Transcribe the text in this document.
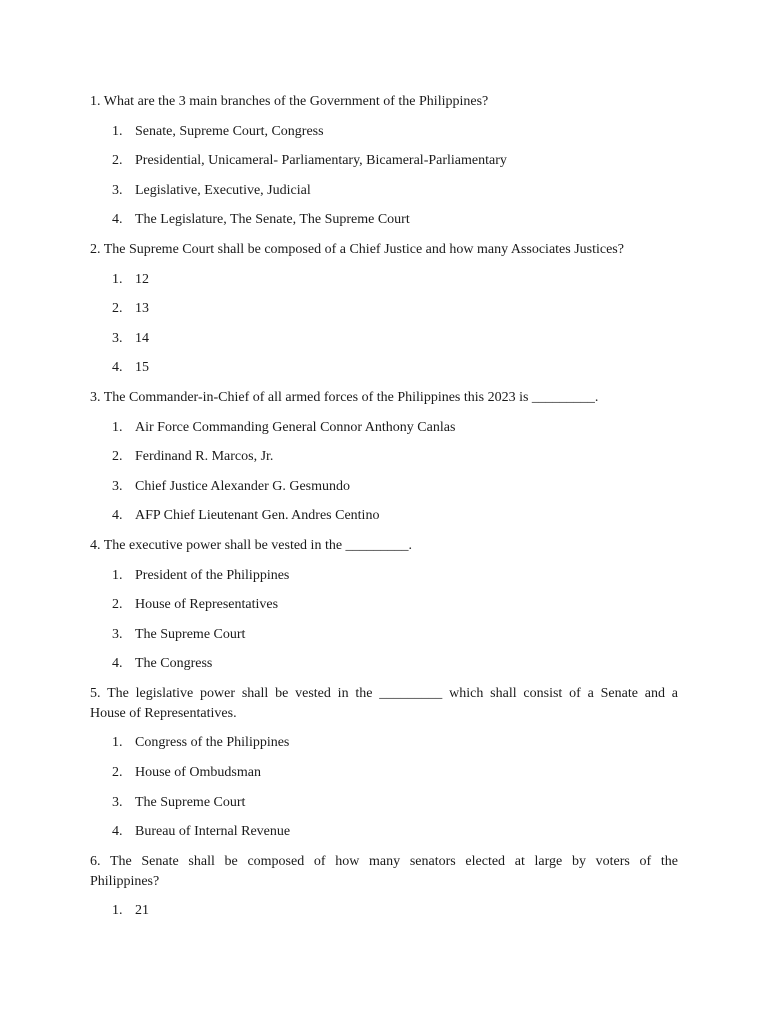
1. What are the 3 main branches of the Government of the Philippines?

1. Senate, Supreme Court, Congress
2. Presidential, Unicameral- Parliamentary, Bicameral-Parliamentary
3. Legislative, Executive, Judicial
4. The Legislature, The Senate, The Supreme Court

2. The Supreme Court shall be composed of a Chief Justice and how many Associates Justices?

1. 12
2. 13
3. 14
4. 15

3. The Commander-in-Chief of all armed forces of the Philippines this 2023 is _________.

1. Air Force Commanding General Connor Anthony Canlas
2. Ferdinand R. Marcos, Jr.
3. Chief Justice Alexander G. Gesmundo
4. AFP Chief Lieutenant Gen. Andres Centino

4. The executive power shall be vested in the _________.

1. President of the Philippines
2. House of Representatives
3. The Supreme Court
4. The Congress

5. The legislative power shall be vested in the _________ which shall consist of a Senate and a

House of Representatives.

1. Congress of the Philippines
2. House of Ombudsman
3. The Supreme Court
4. Bureau of Internal Revenue

6. The Senate shall be composed of how many senators elected at large by voters of the

Philippines?

1. 21
